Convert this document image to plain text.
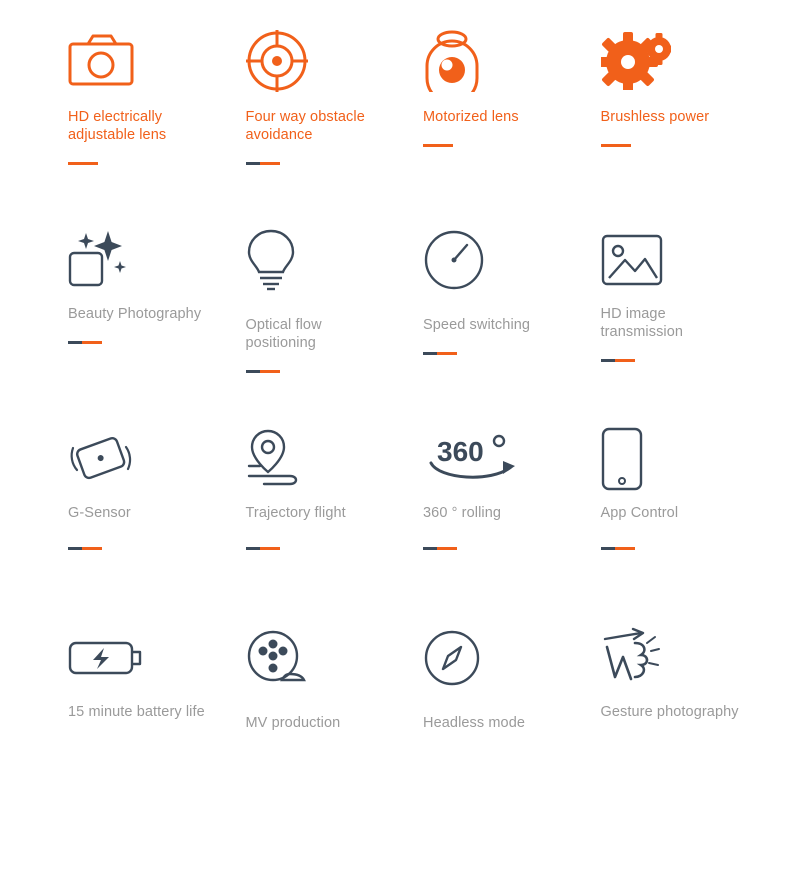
HD electrically adjustable lens
Four way obstacle avoidance
Motorized lens	Brushless power
Beauty Photography
Optical flow positioning
Speed switching
HD image transmission
G-Sensor	Trajectory flight
360
360 ° rolling	App Control
15 minute battery life
MV production	Headless mode
Gesture photography
